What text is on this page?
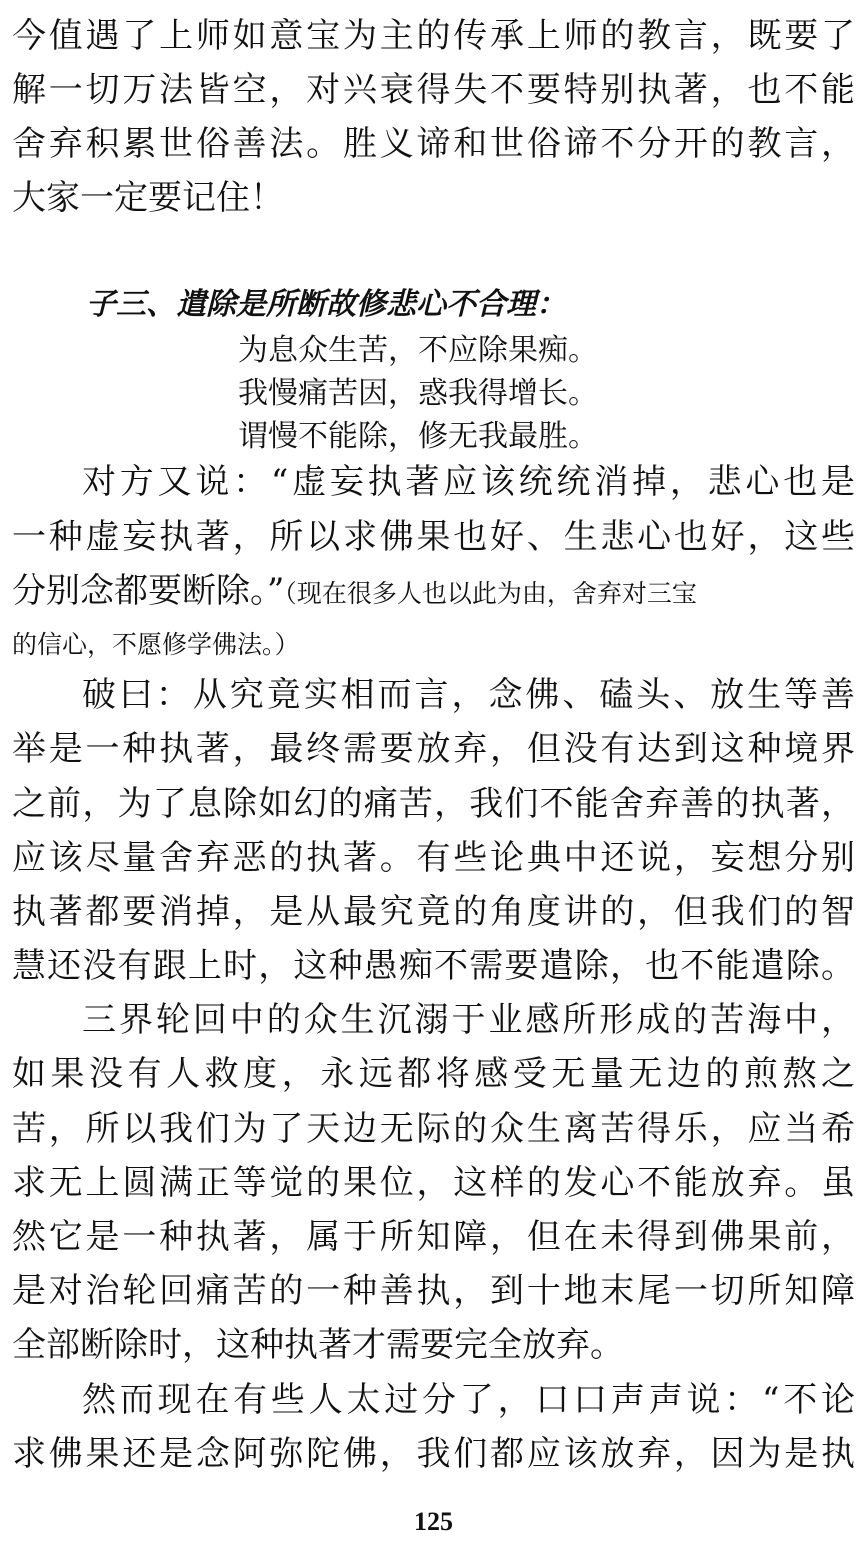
今值遇了上师如意宝为主的传承上师的教言，既要了
解一切万法皆空，对兴衰得失不要特别执著，也不能
舍弃积累世俗善法。胜义谛和世俗谛不分开的教言，
大家一定要记住！
子三、遣除是所断故修悲心不合理：
为息众生苦，不应除果痴。
我慢痛苦因，惑我得增长。
谓慢不能除，修无我最胜。
对方又说：“虚妄执著应该统统消掉，悲心也是
一种虚妄执著，所以求佛果也好、生悲心也好，这些
分别念都要断除。”（现在很多人也以此为由，舍弃对三宝
的信心，不愿修学佛法。）
破曰：从究竟实相而言，念佛、磕头、放生等善
举是一种执著，最终需要放弃，但没有达到这种境界
之前，为了息除如幻的痛苦，我们不能舍弃善的执著，
应该尽量舍弃恶的执著。有些论典中还说，妄想分别
执著都要消掉，是从最究竟的角度讲的，但我们的智
慧还没有跟上时，这种愚痴不需要遣除，也不能遣除。
三界轮回中的众生沉溺于业感所形成的苦海中，
如果没有人救度，永远都将感受无量无边的煎熬之
苦，所以我们为了天边无际的众生离苦得乐，应当希
求无上圆满正等觉的果位，这样的发心不能放弃。虽
然它是一种执著，属于所知障，但在未得到佛果前，
是对治轮回痛苦的一种善执，到十地末尾一切所知障
全部断除时，这种执著才需要完全放弃。
然而现在有些人太过分了，口口声声说：“不论
求佛果还是念阿弥陀佛，我们都应该放弃，因为是执
125
